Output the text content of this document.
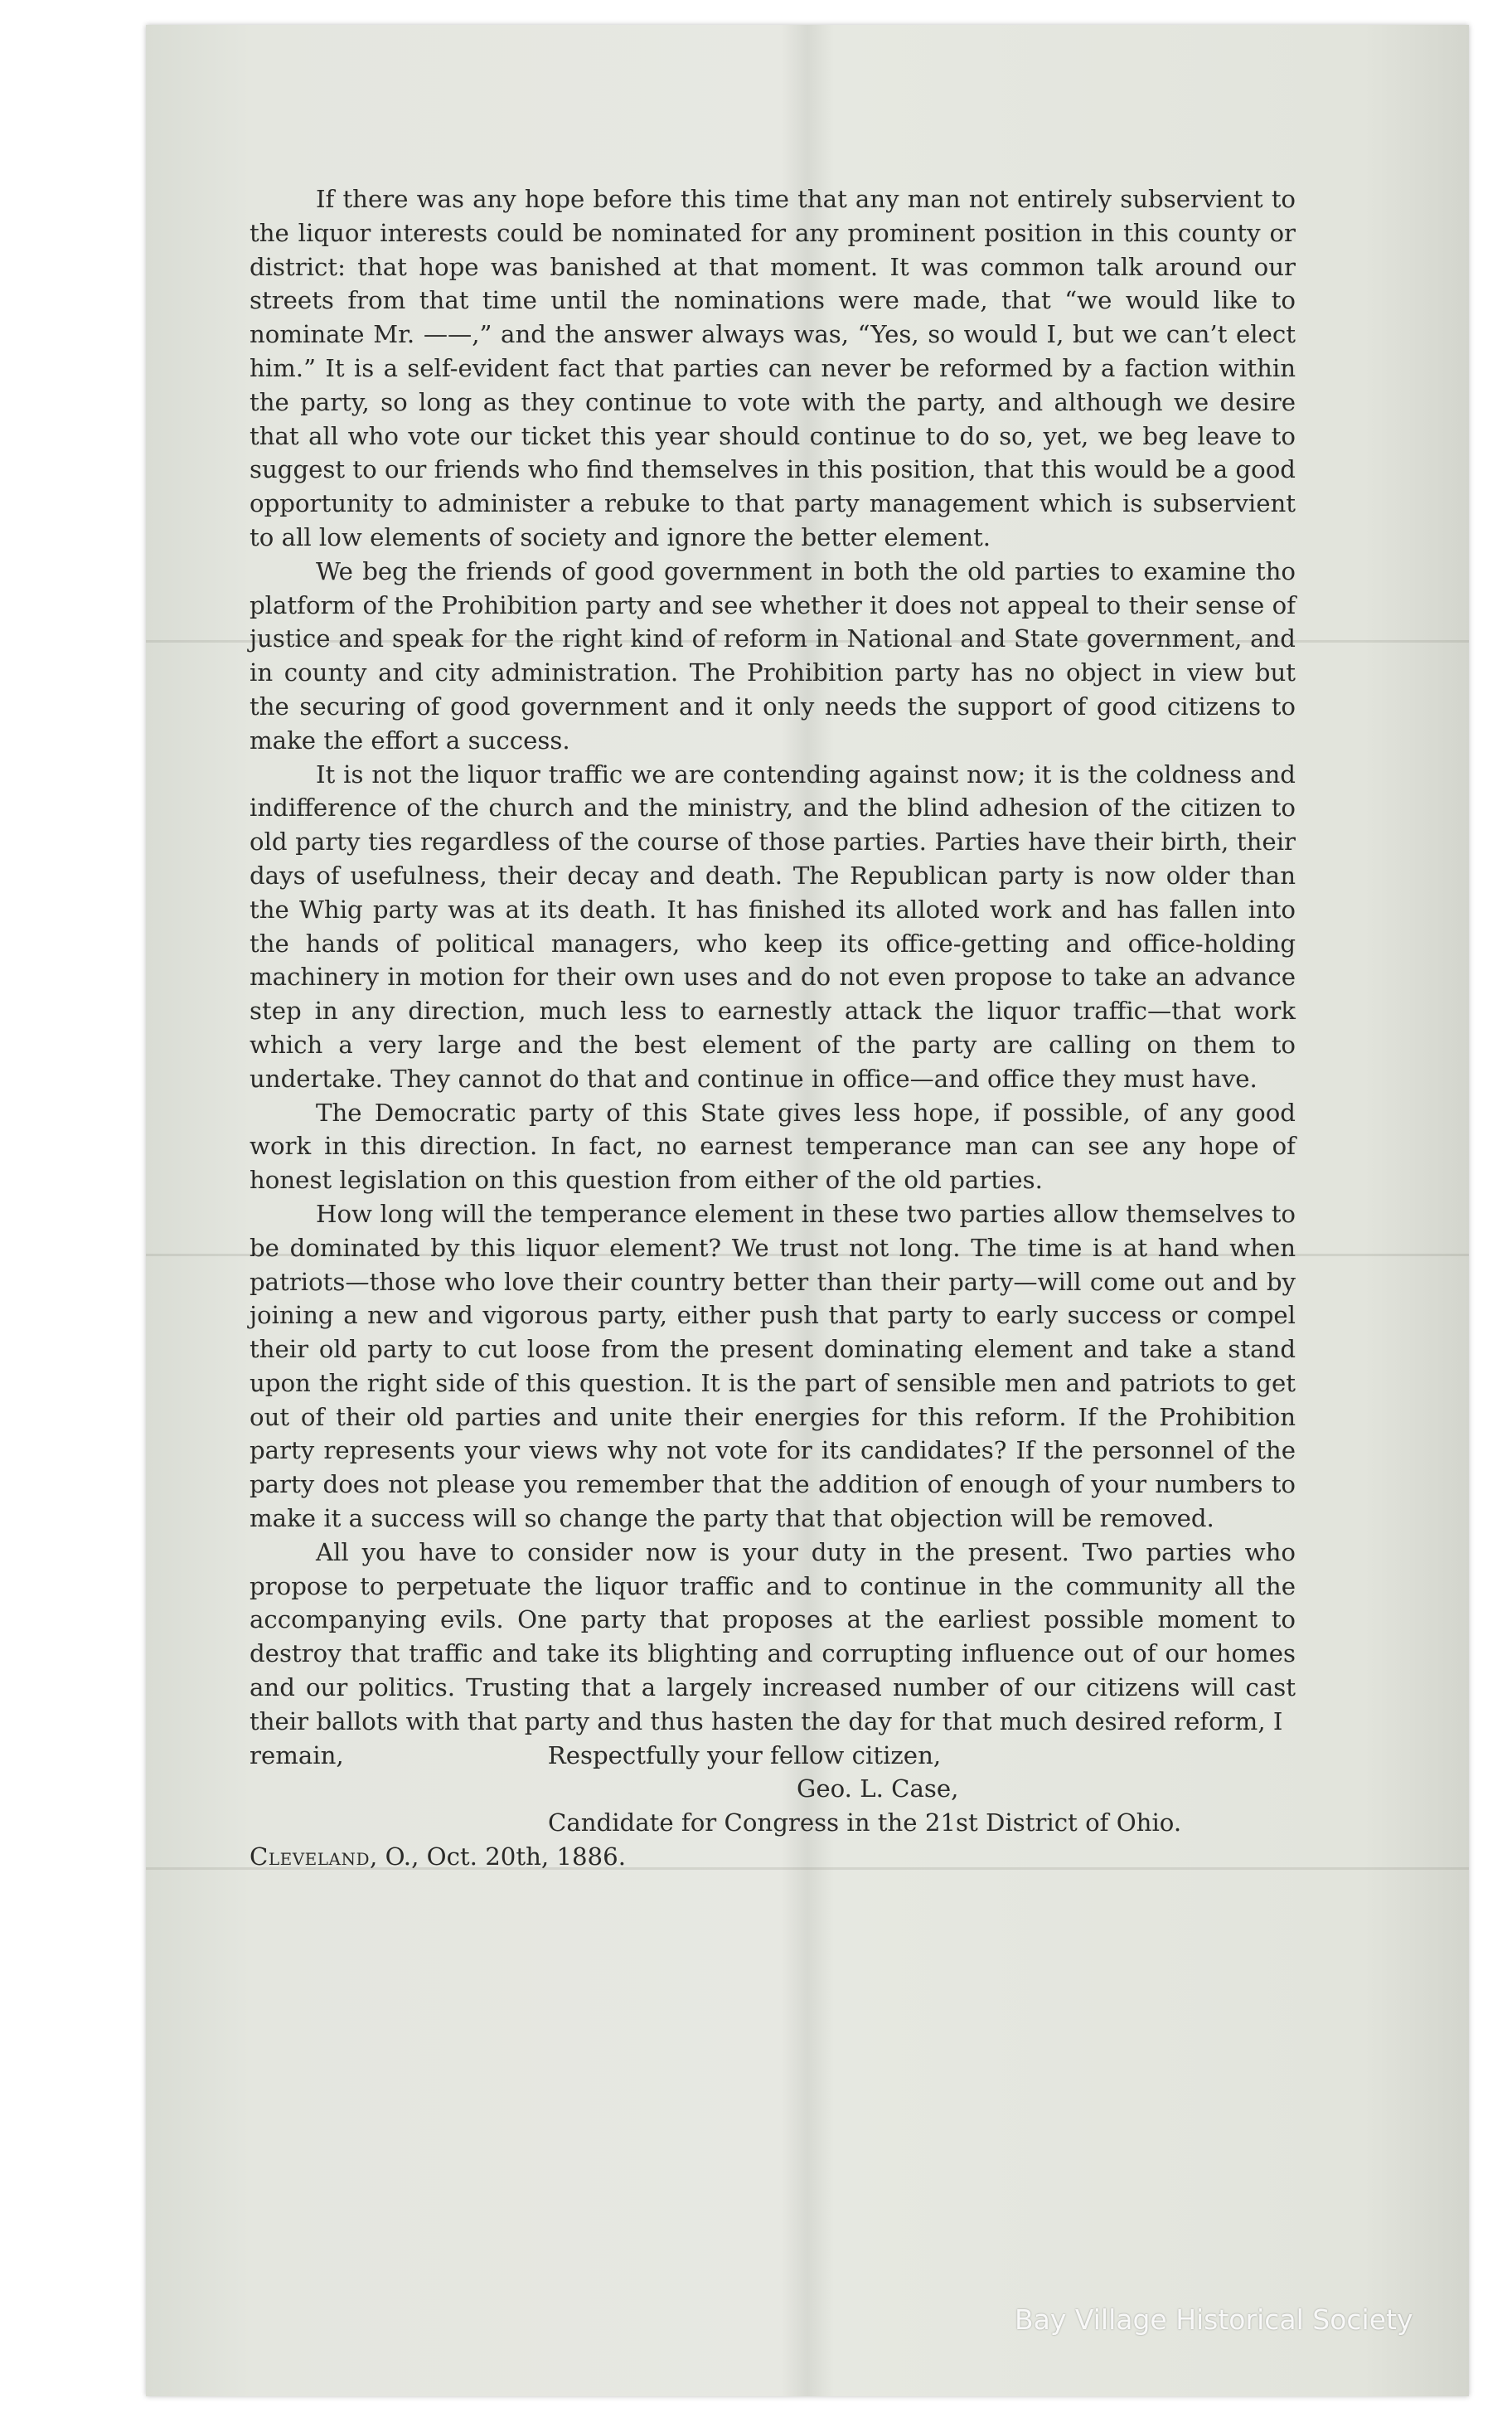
If there was any hope before this time that any man not entirely subservient to the liquor interests could be nominated for any prominent position in this county or district: that hope was banished at that moment. It was common talk around our streets from that time until the nominations were made, that “we would like to nominate Mr. ——,” and the answer always was, “Yes, so would I, but we can’t elect him.” It is a self-evident fact that parties can never be reformed by a faction within the party, so long as they continue to vote with the party, and although we desire that all who vote our ticket this year should continue to do so, yet, we beg leave to suggest to our friends who find themselves in this position, that this would be a good opportunity to administer a rebuke to that party management which is subservient to all low elements of society and ignore the better element.

We beg the friends of good government in both the old parties to examine tho platform of the Prohibition party and see whether it does not appeal to their sense of justice and speak for the right kind of reform in National and State government, and in county and city administration. The Prohibition party has no object in view but the securing of good government and it only needs the support of good citizens to make the effort a success.

It is not the liquor traffic we are contending against now; it is the coldness and indifference of the church and the ministry, and the blind adhesion of the citizen to old party ties regardless of the course of those parties. Parties have their birth, their days of usefulness, their decay and death. The Republican party is now older than the Whig party was at its death. It has finished its alloted work and has fallen into the hands of political managers, who keep its office-getting and office-holding machinery in motion for their own uses and do not even propose to take an advance step in any direction, much less to earnestly attack the liquor traffic—that work which a very large and the best element of the party are calling on them to undertake. They cannot do that and continue in office—and office they must have.

The Democratic party of this State gives less hope, if possible, of any good work in this direction. In fact, no earnest temperance man can see any hope of honest legislation on this question from either of the old parties.

How long will the temperance element in these two parties allow themselves to be dominated by this liquor element? We trust not long. The time is at hand when patriots—those who love their country better than their party—will come out and by joining a new and vigorous party, either push that party to early success or compel their old party to cut loose from the present dominating element and take a stand upon the right side of this question. It is the part of sensible men and patriots to get out of their old parties and unite their energies for this reform. If the Prohibition party represents your views why not vote for its candidates? If the personnel of the party does not please you remember that the addition of enough of your numbers to make it a success will so change the party that that objection will be removed.

All you have to consider now is your duty in the present. Two parties who propose to perpetuate the liquor traffic and to continue in the community all the accompanying evils. One party that proposes at the earliest possible moment to destroy that traffic and take its blighting and corrupting influence out of our homes and our politics. Trusting that a largely increased number of our citizens will cast their ballots with that party and thus hasten the day for that much desired reform, I

remain,	Respectfully your fellow citizen,
Geo. L. Case,
Candidate for Congress in the 21st District of Ohio.
Cleveland, O., Oct. 20th, 1886.
Bay Village Historical Society
